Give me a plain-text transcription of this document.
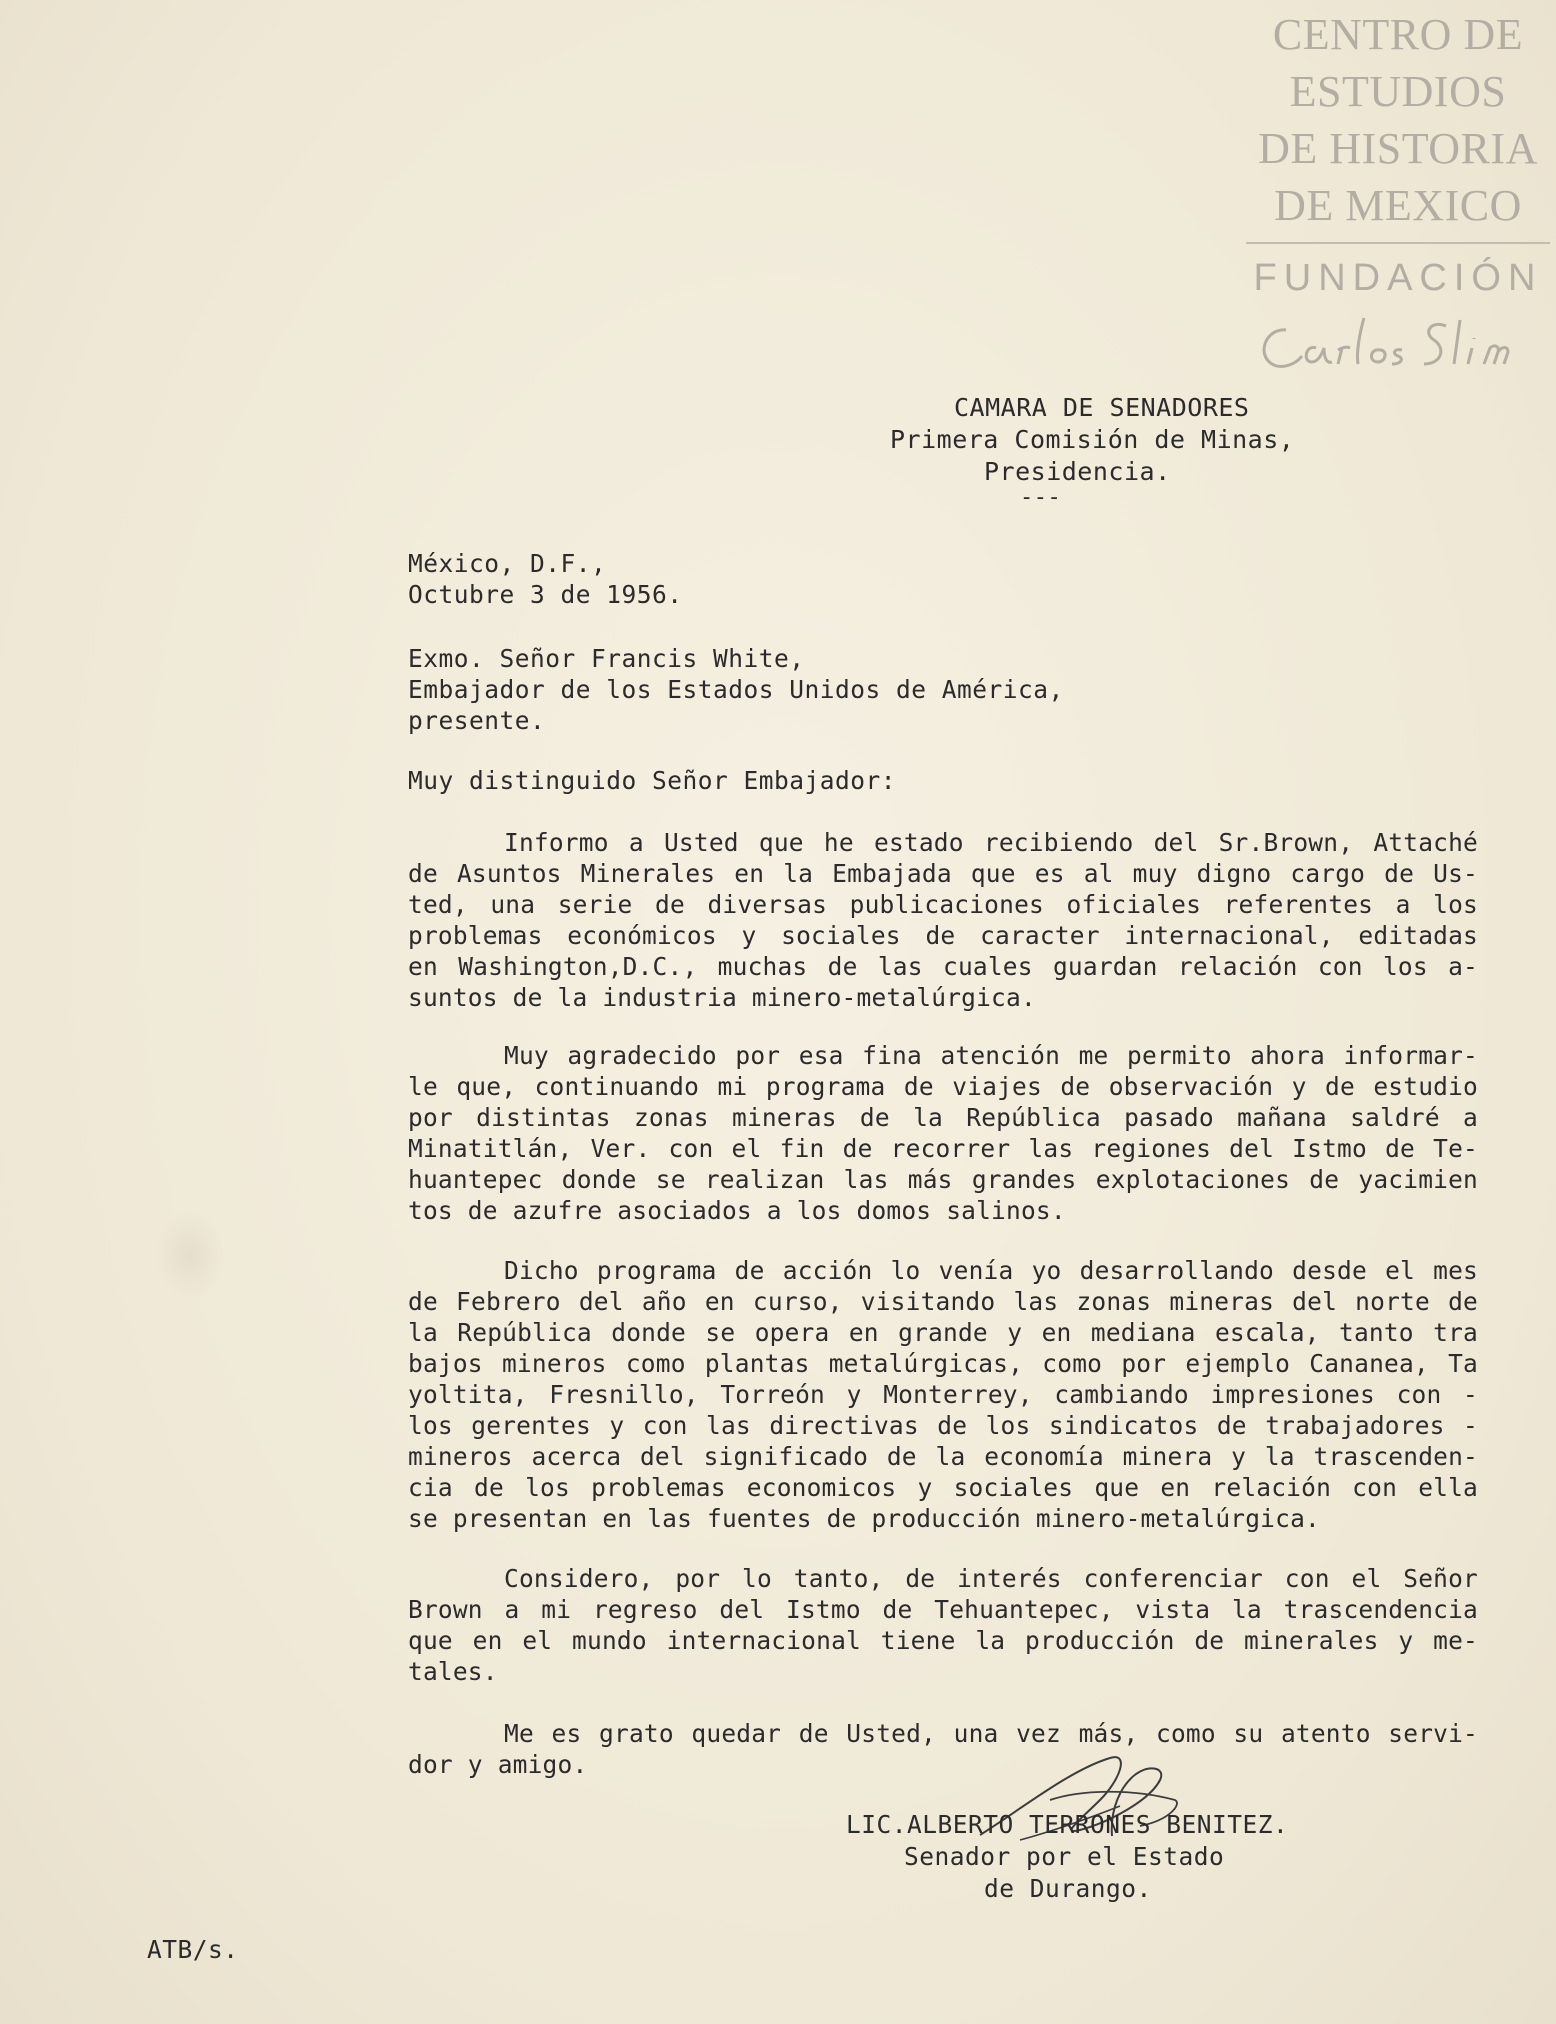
CENTRO DE
ESTUDIOS
DE HISTORIA
DE MEXICO
FUNDACIÓN
CAMARA DE SENADORES
Primera Comisión de Minas,
Presidencia.
---
México, D.F.,
Octubre 3 de 1956.
Exmo. Señor Francis White,
Embajador de los Estados Unidos de América,
presente.
Muy distinguido Señor Embajador:
Informo a Usted que he estado recibiendo del Sr.Brown, Attaché
de Asuntos Minerales en la Embajada que es al muy digno cargo de Us-
ted, una serie de diversas publicaciones oficiales referentes a los
problemas económicos y sociales de caracter internacional, editadas
en Washington,D.C., muchas de las cuales guardan relación con los a-
suntos de la industria minero-metalúrgica.
Muy agradecido por esa fina atención me permito ahora informar-
le que, continuando mi programa de viajes de observación y de estudio
por distintas zonas mineras de la República pasado mañana saldré a
Minatitlán, Ver. con el fin de recorrer las regiones del Istmo de Te-
huantepec donde se realizan las más grandes explotaciones de yacimien
tos de azufre asociados a los domos salinos.
Dicho programa de acción lo venía yo desarrollando desde el mes
de Febrero del año en curso, visitando las zonas mineras del norte de
la República donde se opera en grande y en mediana escala, tanto tra
bajos mineros como plantas metalúrgicas, como por ejemplo Cananea, Ta
yoltita, Fresnillo, Torreón y Monterrey, cambiando impresiones con -
los gerentes y con las directivas de los sindicatos de trabajadores -
mineros acerca del significado de la economía minera y la trascenden-
cia de los problemas economicos y sociales que en relación con ella
se presentan en las fuentes de producción minero-metalúrgica.
Considero, por lo tanto, de interés conferenciar con el Señor
Brown a mi regreso del Istmo de Tehuantepec, vista la trascendencia
que en el mundo internacional tiene la producción de minerales y me-
tales.
Me es grato quedar de Usted, una vez más, como su atento servi-
dor y amigo.
LIC.ALBERTO TERRONES BENITEZ.
Senador por el Estado
de Durango.
ATB/s.
